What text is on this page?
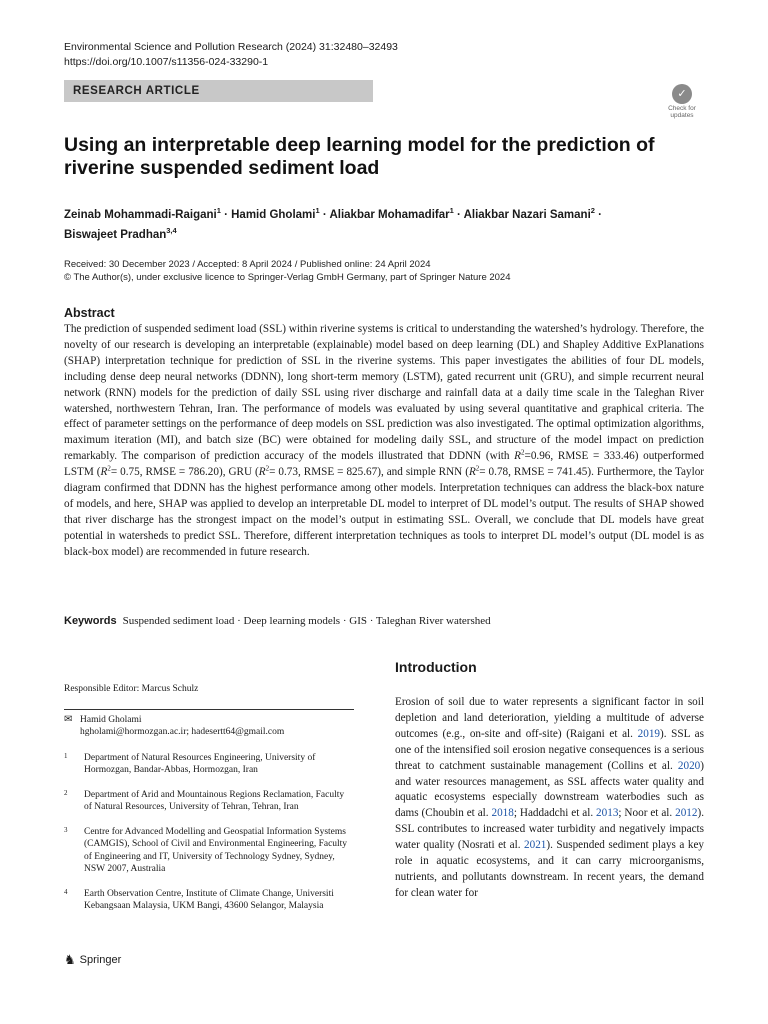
Environmental Science and Pollution Research (2024) 31:32480–32493
https://doi.org/10.1007/s11356-024-33290-1
RESEARCH ARTICLE	✓
Check for
updates
Using an interpretable deep learning model for the prediction of riverine suspended sediment load
Zeinab Mohammadi-Raigani$^1$ · Hamid Gholami$^1$ · Aliakbar Mohamadifar$^1$ · Aliakbar Nazari Samani$^2$ ·
Biswajeet Pradhan$^{3,4}$
Received: 30 December 2023 / Accepted: 8 April 2024 / Published online: 24 April 2024
© The Author(s), under exclusive licence to Springer-Verlag GmbH Germany, part of Springer Nature 2024
Abstract
The prediction of suspended sediment load (SSL) within riverine systems is critical to understanding the watershed’s hydrology. Therefore, the novelty of our research is developing an interpretable (explainable) model based on deep learning (DL) and Shapley Additive ExPlanations (SHAP) interpretation technique for prediction of SSL in the riverine systems. This paper investigates the abilities of four DL models, including dense deep neural networks (DDNN), long short-term memory (LSTM), gated recurrent unit (GRU), and simple recurrent neural network (RNN) models for the prediction of daily SSL using river discharge and rainfall data at a daily time scale in the Taleghan River watershed, northwestern Tehran, Iran. The performance of models was evaluated by using several quantitative and graphical criteria. The effect of parameter settings on the performance of deep models on SSL prediction was also investigated. The optimal optimization algorithms, maximum iteration (MI), and batch size (BC) were obtained for modeling daily SSL, and structure of the model impact on prediction remarkably. The comparison of prediction accuracy of the models illustrated that DDNN (with $R^2=0.96$, RMSE = 333.46) outperformed LSTM ($R^2= 0.75$, RMSE = 786.20), GRU ($R^2= 0.73$, RMSE = 825.67), and simple RNN ($R^2= 0.78$, RMSE = 741.45). Furthermore, the Taylor diagram confirmed that DDNN has the highest performance among other models. Interpretation techniques can address the black-box nature of models, and here, SHAP was applied to develop an interpretable DL model to interpret of DL model’s output. The results of SHAP showed that river discharge has the strongest impact on the model’s output in estimating SSL. Overall, we conclude that DL models have great potential in watersheds to predict SSL. Therefore, different interpretation techniques as tools to interpret DL model’s output (DL model is as black-box model) are recommended in future research.
Keywords Suspended sediment load · Deep learning models · GIS · Taleghan River watershed
Responsible Editor: Marcus Schulz
✉ Hamid Gholami
hgholami@hormozgan.ac.ir; hadesertt64@gmail.com
1 Department of Natural Resources Engineering, University of Hormozgan, Bandar-Abbas, Hormozgan, Iran
2 Department of Arid and Mountainous Regions Reclamation, Faculty of Natural Resources, University of Tehran, Tehran, Iran
3 Centre for Advanced Modelling and Geospatial Information Systems (CAMGIS), School of Civil and Environmental Engineering, Faculty of Engineering and IT, University of Technology Sydney, Sydney, NSW 2007, Australia
4 Earth Observation Centre, Institute of Climate Change, Universiti Kebangsaan Malaysia, UKM Bangi, 43600 Selangor, Malaysia
Introduction
Erosion of soil due to water represents a significant factor in soil depletion and land deterioration, yielding a multitude of adverse outcomes (e.g., on-site and off-site) (Raigani et al. 2019). SSL as one of the intensified soil erosion negative consequences is a serious threat to catchment sustainable management (Collins et al. 2020) and water resources management, as SSL affects water quality and aquatic ecosystems especially downstream waterbodies such as dams (Choubin et al. 2018; Haddadchi et al. 2013; Noor et al. 2012). SSL contributes to increased water turbidity and negatively impacts water quality (Nosrati et al. 2021). Suspended sediment plays a key role in aquatic ecosystems, and it can carry microorganisms, nutrients, and pollutants downstream. In recent years, the demand for clean water for
♞ Springer
